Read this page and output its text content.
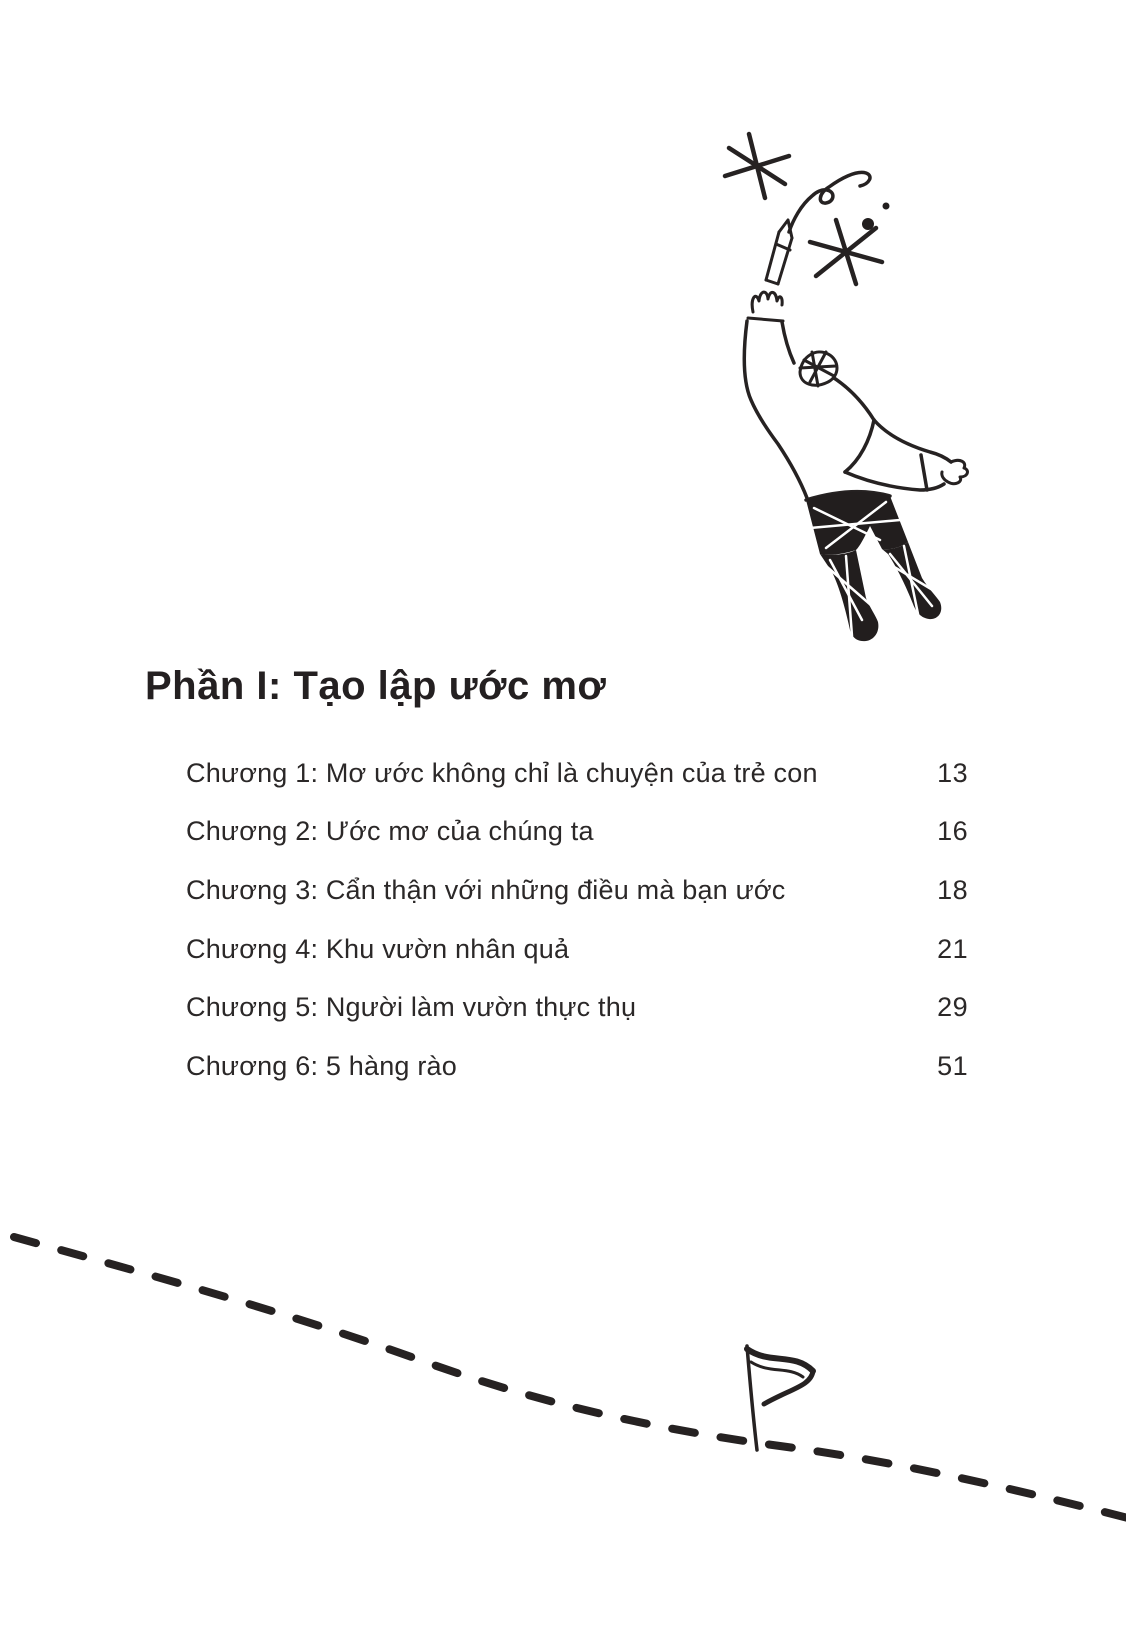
Phần I: Tạo lập ước mơ
Chương 1: Mơ ước không chỉ là chuyện của trẻ con	13
Chương 2: Ước mơ của chúng ta	16
Chương 3: Cẩn thận với những điều mà bạn ước	18
Chương 4: Khu vườn nhân quả	21
Chương 5: Người làm vườn thực thụ	29
Chương 6: 5 hàng rào	51
